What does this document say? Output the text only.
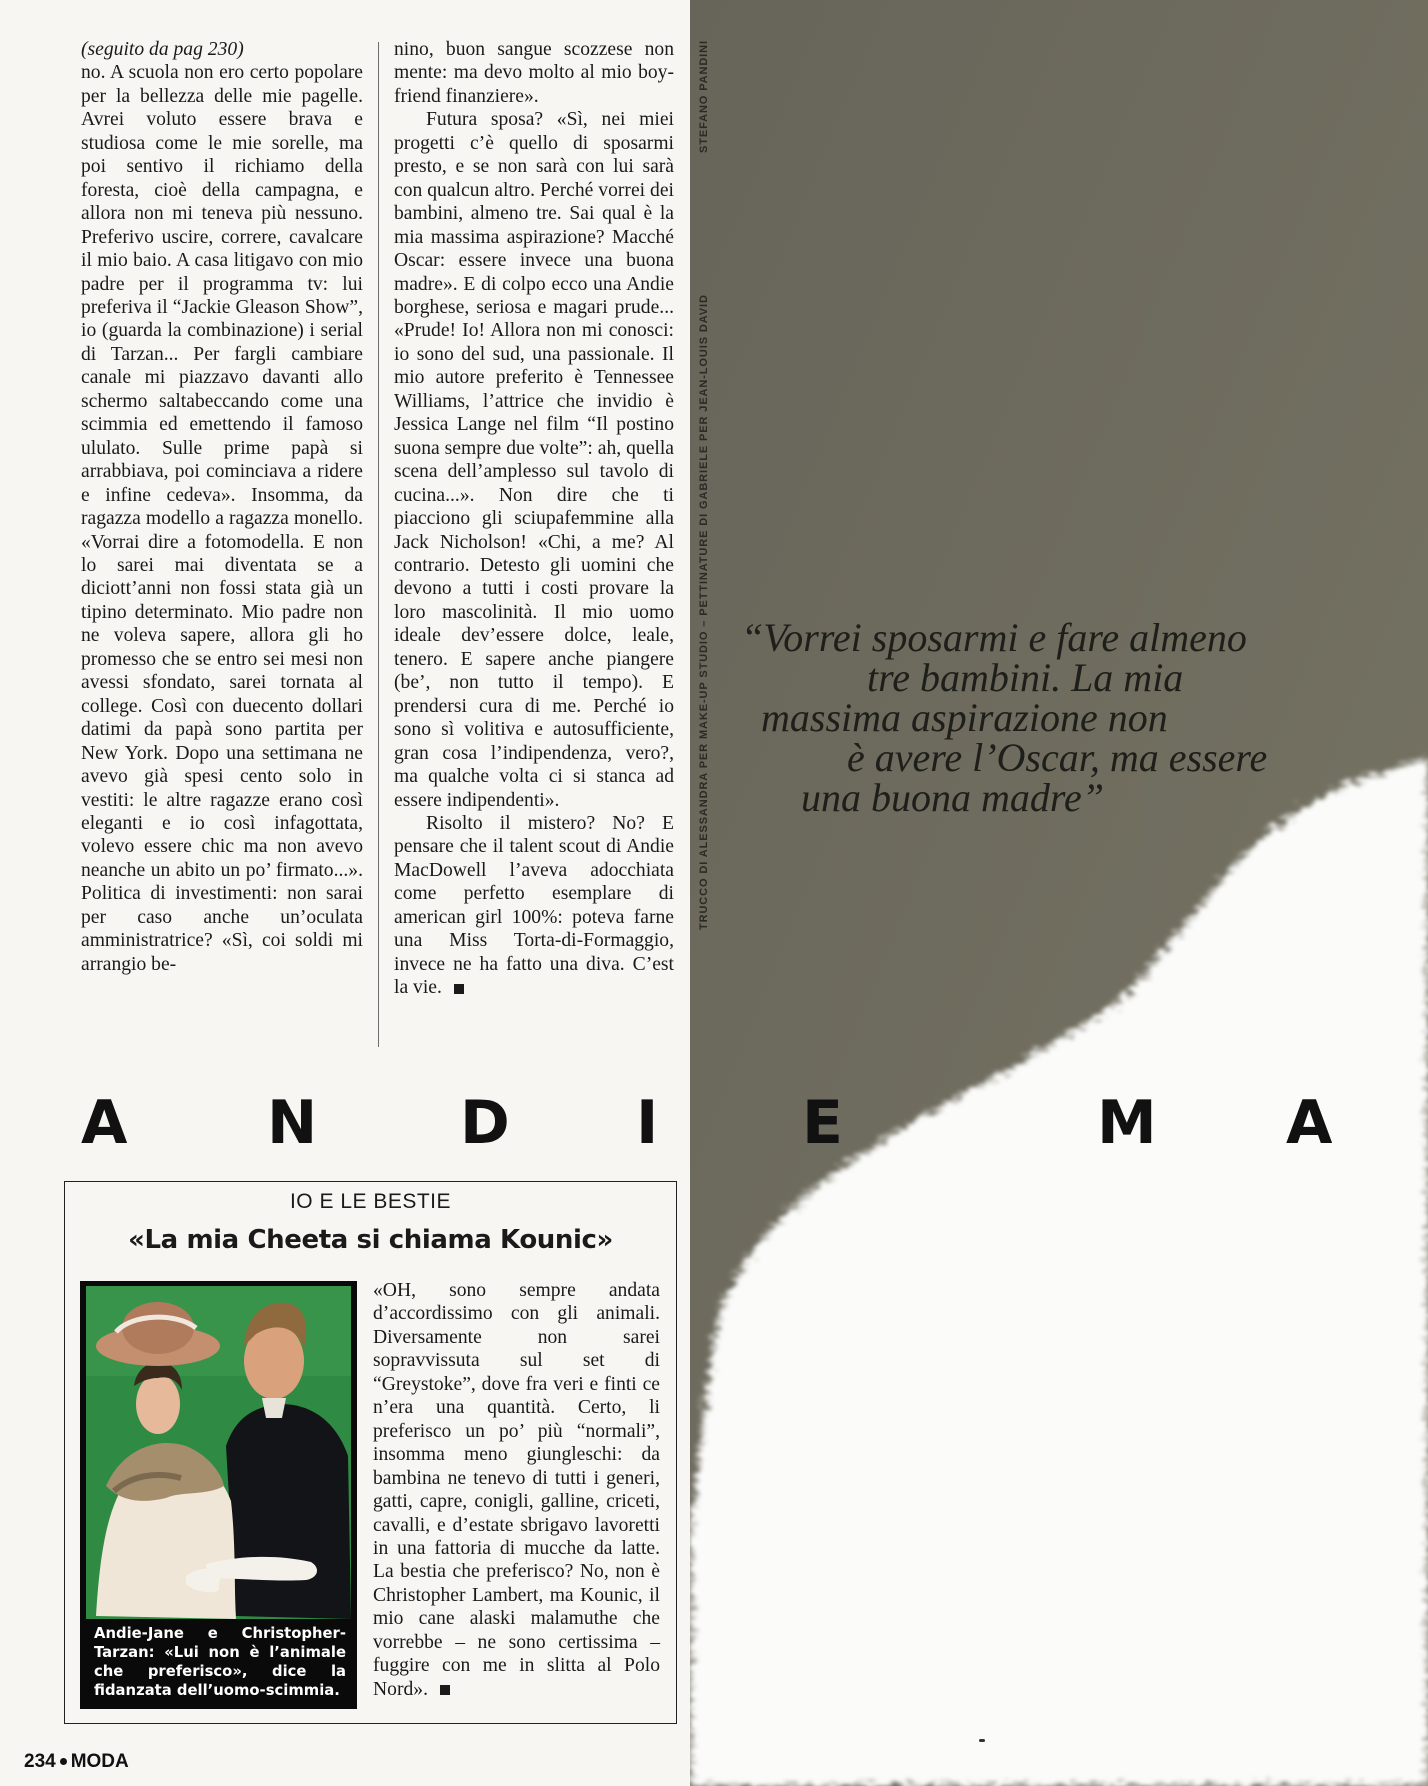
(seguito da pag 230)

no. A scuola non ero certo popolare per la bellezza delle mie pagelle. Avrei voluto essere brava e studiosa come le mie sorelle, ma poi sentivo il richiamo della foresta, cioè della campagna, e allora non mi teneva più nessuno. Preferivo uscire, correre, cavalcare il mio baio. A casa litigavo con mio padre per il programma tv: lui preferiva il “Jackie Gleason Show”, io (guarda la combinazione) i serial di Tarzan... Per fargli cambiare canale mi piazzavo davanti allo schermo saltabeccando come una scimmia ed emettendo il famoso ululato. Sulle prime papà si arrabbiava, poi cominciava a ridere e infine cedeva». Insomma, da ragazza modello a ragazza monello. «Vorrai dire a fotomodella. E non lo sarei mai diventata se a diciott’anni non fossi stata già un tipino determinato. Mio padre non ne voleva sapere, allora gli ho promesso che se entro sei mesi non avessi sfondato, sarei tornata al college. Così con duecento dollari datimi da papà sono partita per New York. Dopo una settimana ne avevo già spesi cento solo in vestiti: le altre ragazze erano così eleganti e io così infagottata, volevo essere chic ma non avevo neanche un abito un po’ firmato...». Politica di investimenti: non sarai per caso anche un’oculata amministratrice? «Sì, coi soldi mi arrangio be-

nino, buon sangue scozzese non mente: ma devo molto al mio boy-friend finanziere».

Futura sposa? «Sì, nei miei progetti c’è quello di sposarmi presto, e se non sarà con lui sarà con qualcun altro. Perché vorrei dei bambini, almeno tre. Sai qual è la mia massima aspirazione? Macché Oscar: essere invece una buona madre». E di colpo ecco una Andie borghese, seriosa e magari prude... «Prude! Io! Allora non mi conosci: io sono del sud, una passionale. Il mio autore preferito è Tennessee Williams, l’attrice che invidio è Jessica Lange nel film “Il postino suona sempre due volte”: ah, quella scena dell’amplesso sul tavolo di cucina...». Non dire che ti piacciono gli sciupafemmine alla Jack Nicholson! «Chi, a me? Al contrario. Detesto gli uomini che devono a tutti i costi provare la loro mascolinità. Il mio uomo ideale dev’essere dolce, leale, tenero. E sapere anche piangere (be’, non tutto il tempo). E prendersi cura di me. Perché io sono sì volitiva e autosufficiente, gran cosa l’indipendenza, vero?, ma qualche volta ci si stanca ad essere indipendenti».

Risolto il mistero? No? E pensare che il talent scout di Andie MacDowell l’aveva adocchiata come perfetto esemplare di american girl 100%: poteva farne una Miss Torta-di-Formaggio, invece ne ha fatto una diva. C’est la vie.

TRUCCO DI ALESSANDRA PER MAKE-UP STUDIO – PETTINATURE DI GABRIELE PER JEAN-LOUIS DAVID
STEFANO PANDINI
“Vorrei sposarmi e fare almeno
tre bambini. La mia
massima aspirazione non
è avere l’Oscar, ma essere
una buona madre”
A N D I E	M A
IO E LE BESTIE
«La mia Cheeta si chiama Kounic»
Andie-Jane e Christopher-Tarzan: «Lui non è l’animale che preferisco», dice la fidanzata dell’uomo-scimmia.
«OH, sono sempre andata d’accordissimo con gli animali. Diversamente non sarei sopravvissuta sul set di “Greystoke”, dove fra veri e finti ce n’era una quantità. Certo, li preferisco un po’ più “normali”, insomma meno giungleschi: da bambina ne tenevo di tutti i generi, gatti, capre, conigli, galline, criceti, cavalli, e d’estate sbrigavo lavoretti in una fattoria di mucche da latte. La bestia che preferisco? No, non è Christopher Lambert, ma Kounic, il mio cane alaski malamuthe che vorrebbe – ne sono certissima – fuggire con me in slitta al Polo Nord».
234 MODA
